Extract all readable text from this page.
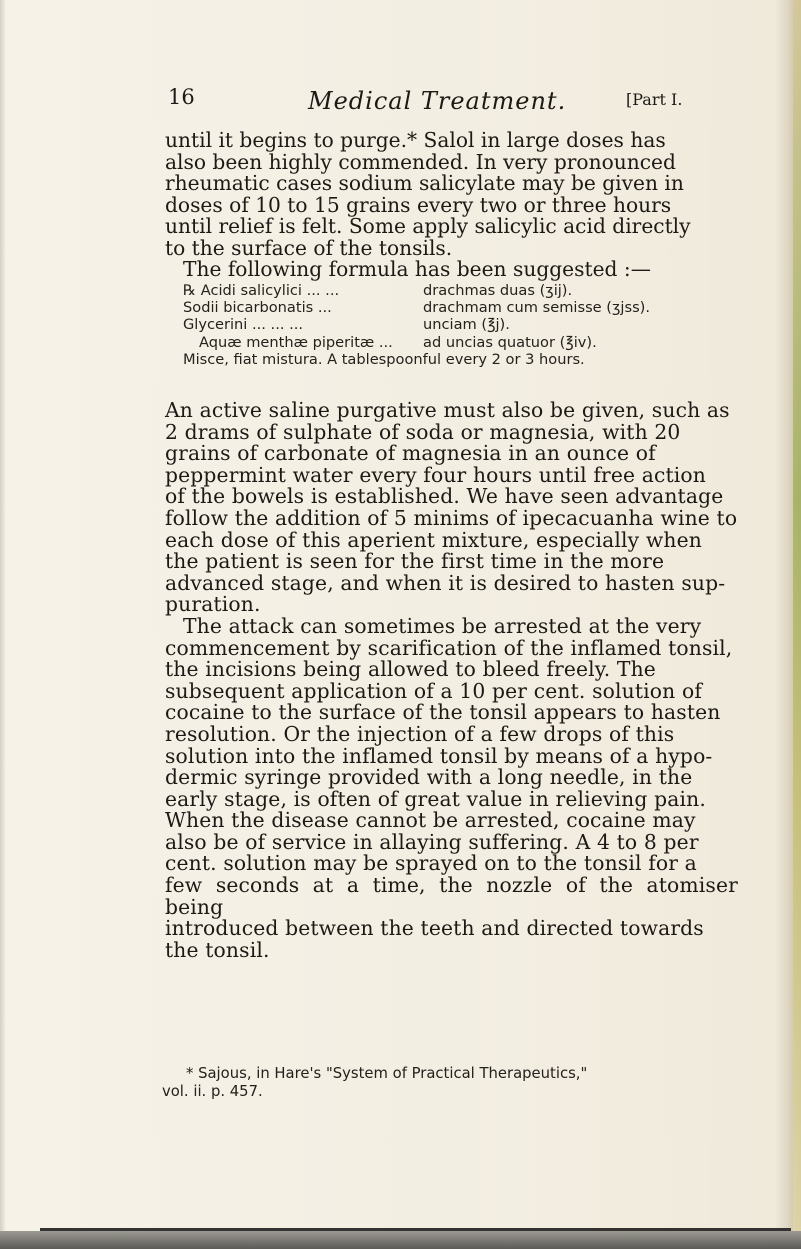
16	Medical Treatment.	[Part I.
until it begins to purge.* Salol in large doses has
also been highly commended. In very pronounced
rheumatic cases sodium salicylate may be given in
doses of 10 to 15 grains every two or three hours
until relief is felt. Some apply salicylic acid directly
to the surface of the tonsils.
The following formula has been suggested :—
℞ Acidi salicylici ... ...	drachmas duas (ʒij).
Sodii bicarbonatis ...	drachmam cum semisse (ʒjss).
Glycerini ... ... ...	unciam (℥j).
Aquæ menthæ piperitæ ...	ad uncias quatuor (℥iv).
Misce, fiat mistura. A tablespoonful every 2 or 3 hours.
An active saline purgative must also be given, such as
2 drams of sulphate of soda or magnesia, with 20
grains of carbonate of magnesia in an ounce of
peppermint water every four hours until free action
of the bowels is established. We have seen advantage
follow the addition of 5 minims of ipecacuanha wine to
each dose of this aperient mixture, especially when
the patient is seen for the first time in the more
advanced stage, and when it is desired to hasten sup-
puration.
The attack can sometimes be arrested at the very
commencement by scarification of the inflamed tonsil,
the incisions being allowed to bleed freely. The
subsequent application of a 10 per cent. solution of
cocaine to the surface of the tonsil appears to hasten
resolution. Or the injection of a few drops of this
solution into the inflamed tonsil by means of a hypo-
dermic syringe provided with a long needle, in the
early stage, is often of great value in relieving pain.
When the disease cannot be arrested, cocaine may
also be of service in allaying suffering. A 4 to 8 per
cent. solution may be sprayed on to the tonsil for a
few seconds at a time, the nozzle of the atomiser being
introduced between the teeth and directed towards
the tonsil.
* Sajous, in Hare's "System of Practical Therapeutics,"
vol. ii. p. 457.
